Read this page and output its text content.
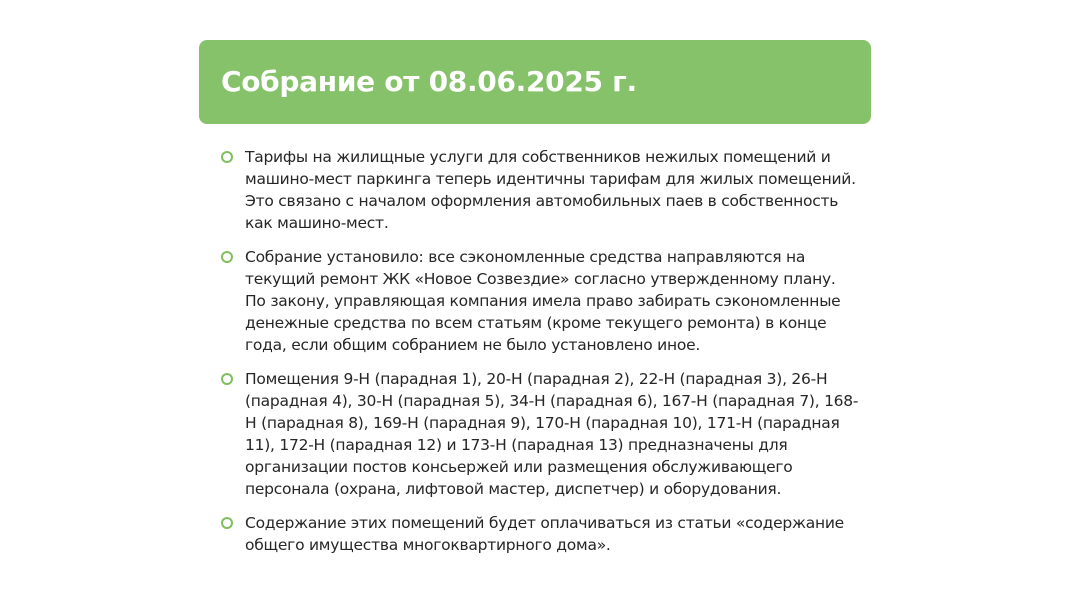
Собрание от 08.06.2025 г.
Тарифы на жилищные услуги для собственников нежилых помещений и машино-мест паркинга теперь идентичны тарифам для жилых помещений. Это связано с началом оформления автомобильных паев в собственность как машино-мест.
Собрание установило: все сэкономленные средства направляются на текущий ремонт ЖК «Новое Созвездие» согласно утвержденному плану. По закону, управляющая компания имела право забирать сэкономленные денежные средства по всем статьям (кроме текущего ремонта) в конце года, если общим собранием не было установлено иное.
Помещения 9-Н (парадная 1), 20-Н (парадная 2), 22-Н (парадная 3), 26-Н (парадная 4), 30-Н (парадная 5), 34-Н (парадная 6), 167-Н (парадная 7), 168-Н (парадная 8), 169-Н (парадная 9), 170-Н (парадная 10), 171-Н (парадная 11), 172-Н (парадная 12) и 173-Н (парадная 13) предназначены для организации постов консьержей или размещения обслуживающего персонала (охрана, лифтовой мастер, диспетчер) и оборудования.
Содержание этих помещений будет оплачиваться из статьи «содержание общего имущества многоквартирного дома».
